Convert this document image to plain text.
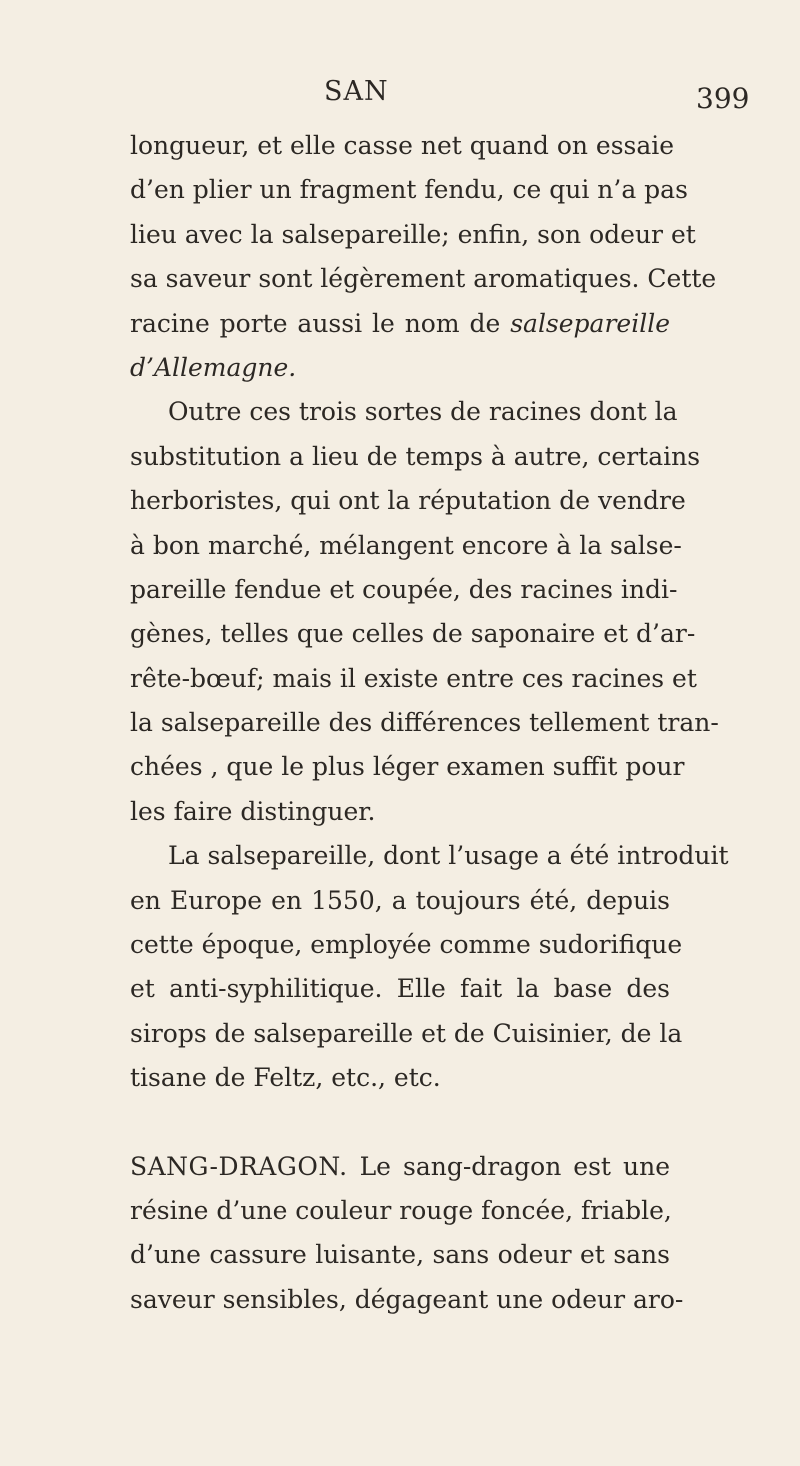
SAN	399
longueur, et elle casse net quand on essaie
d’en plier un fragment fendu, ce qui n’a pas
lieu avec la salsepareille; enfin, son odeur et
sa saveur sont légèrement aromatiques. Cette
racine porte aussi le nom de salsepareille
d’Allemagne.
Outre ces trois sortes de racines dont la
substitution a lieu de temps à autre, certains
herboristes, qui ont la réputation de vendre
à bon marché, mélangent encore à la salse-
pareille fendue et coupée, des racines indi-
gènes, telles que celles de saponaire et d’ar-
rête-bœuf; mais il existe entre ces racines et
la salsepareille des différences tellement tran-
chées , que le plus léger examen suffit pour
les faire distinguer.
La salsepareille, dont l’usage a été introduit
en Europe en 1550, a toujours été, depuis
cette époque, employée comme sudorifique
et anti-syphilitique. Elle fait la base des
sirops de salsepareille et de Cuisinier, de la
tisane de Feltz, etc., etc.
SANG-DRAGON. Le sang-dragon est une
résine d’une couleur rouge foncée, friable,
d’une cassure luisante, sans odeur et sans
saveur sensibles, dégageant une odeur aro-
